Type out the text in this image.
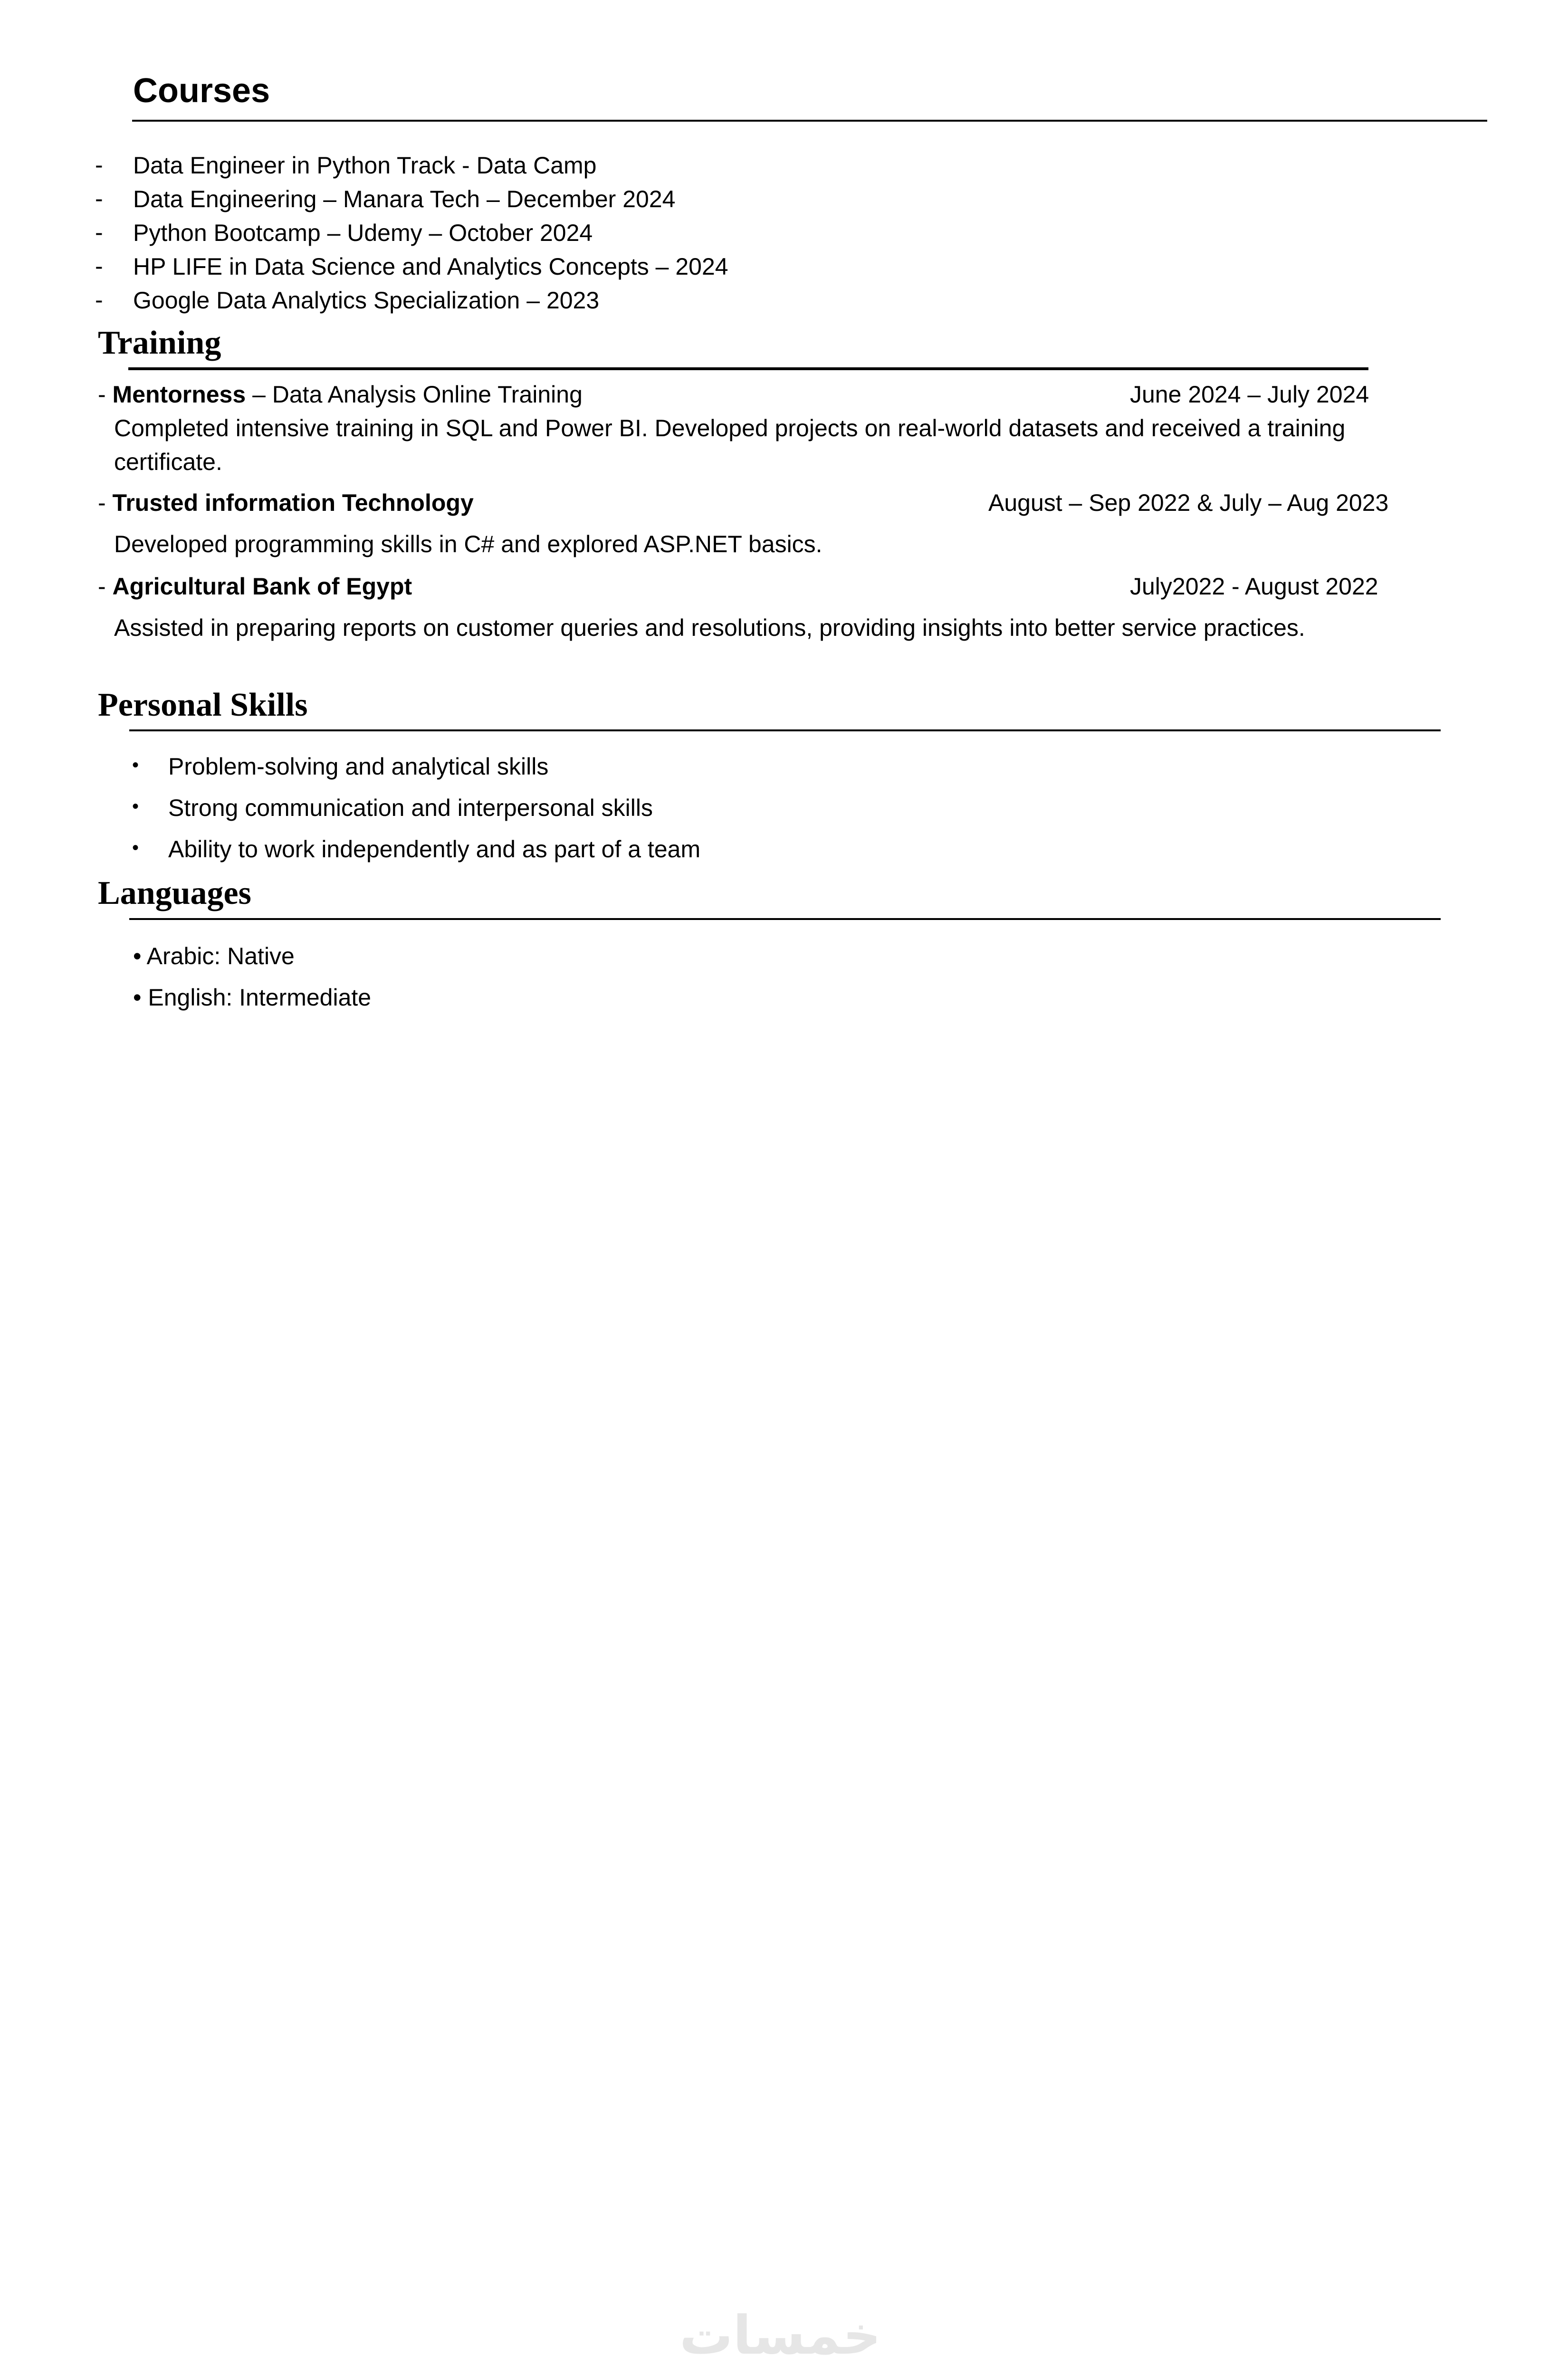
Courses
- Data Engineer in Python Track - Data Camp
- Data Engineering – Manara Tech – December 2024
- Python Bootcamp – Udemy – October 2024
- HP LIFE in Data Science and Analytics Concepts – 2024
- Google Data Analytics Specialization – 2023
Training
- Mentorness – Data Analysis Online Training	June 2024 – July 2024
Completed intensive training in SQL and Power BI. Developed projects on real-world datasets and received a training
certificate.
- Trusted information Technology	August – Sep 2022 & July – Aug 2023
Developed programming skills in C# and explored ASP.NET basics.
- Agricultural Bank of Egypt	July2022 - August 2022
Assisted in preparing reports on customer queries and resolutions, providing insights into better service practices.
Personal Skills
• Problem-solving and analytical skills
• Strong communication and interpersonal skills
• Ability to work independently and as part of a team
Languages
• Arabic: Native
• English: Intermediate
خمسات
